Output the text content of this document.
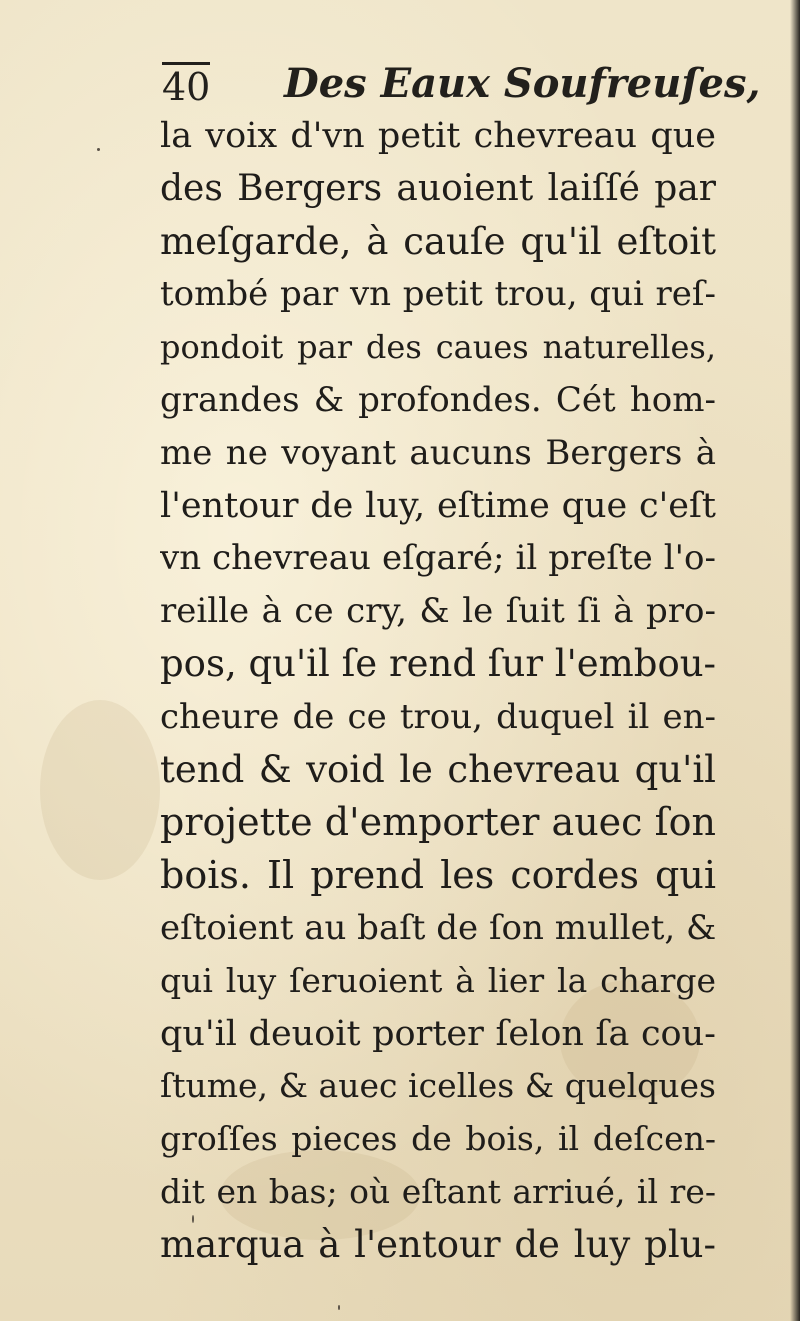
40 Des Eaux Soufreuſes,
la voix d'vn petit chevreau que
des Bergers auoient laiſſé par
meſgarde, à cauſe qu'il eſtoit
tombé par vn petit trou, qui reſ-
pondoit par des caues naturelles,
grandes & profondes. Cét hom-
me ne voyant aucuns Bergers à
l'entour de luy, eſtime que c'eſt
vn chevreau eſgaré; il preſte l'o-
reille à ce cry, & le ſuit ſi à pro-
pos, qu'il ſe rend ſur l'embou-
cheure de ce trou, duquel il en-
tend & void le chevreau qu'il
projette d'emporter auec ſon
bois. Il prend les cordes qui
eſtoient au baſt de ſon mullet, &
qui luy ſeruoient à lier la charge
qu'il deuoit porter ſelon ſa cou-
ſtume, & auec icelles & quelques
groſſes pieces de bois, il deſcen-
dit en bas; où eſtant arriué, il re-
marqua à l'entour de luy plu-
